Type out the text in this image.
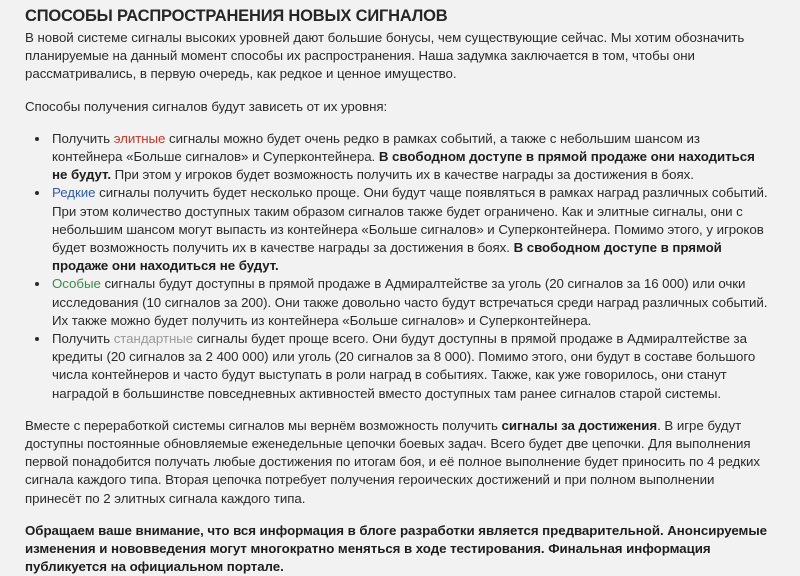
СПОСОБЫ РАСПРОСТРАНЕНИЯ НОВЫХ СИГНАЛОВ

В новой системе сигналы высоких уровней дают большие бонусы, чем существующие сейчас. Мы хотим обозначить планируемые на данный момент способы их распространения. Наша задумка заключается в том, чтобы они рассматривались, в первую очередь, как редкое и ценное имущество.

Способы получения сигналов будут зависеть от их уровня:

• Получить элитные сигналы можно будет очень редко в рамках событий, а также с небольшим шансом из контейнера «Больше сигналов» и Суперконтейнера. В свободном доступе в прямой продаже они находиться не будут. При этом у игроков будет возможность получить их в качестве награды за достижения в боях.
• Редкие сигналы получить будет несколько проще. Они будут чаще появляться в рамках наград различных событий. При этом количество доступных таким образом сигналов также будет ограничено. Как и элитные сигналы, они с небольшим шансом могут выпасть из контейнера «Больше сигналов» и Суперконтейнера. Помимо этого, у игроков будет возможность получить их в качестве награды за достижения в боях. В свободном доступе в прямой продаже они находиться не будут.
• Особые сигналы будут доступны в прямой продаже в Адмиралтействе за уголь (20 сигналов за 16 000) или очки исследования (10 сигналов за 200). Они также довольно часто будут встречаться среди наград различных событий. Их также можно будет получить из контейнера «Больше сигналов» и Суперконтейнера.
• Получить стандартные сигналы будет проще всего. Они будут доступны в прямой продаже в Адмиралтействе за кредиты (20 сигналов за 2 400 000) или уголь (20 сигналов за 8 000). Помимо этого, они будут в составе большого числа контейнеров и часто будут выступать в роли наград в событиях. Также, как уже говорилось, они станут наградой в большинстве повседневных активностей вместо доступных там ранее сигналов старой системы.

Вместе с переработкой системы сигналов мы вернём возможность получить сигналы за достижения. В игре будут доступны постоянные обновляемые еженедельные цепочки боевых задач. Всего будет две цепочки. Для выполнения первой понадобится получать любые достижения по итогам боя, и её полное выполнение будет приносить по 4 редких сигнала каждого типа. Вторая цепочка потребует получения героических достижений и при полном выполнении принесёт по 2 элитных сигнала каждого типа.

Обращаем ваше внимание, что вся информация в блоге разработки является предварительной. Анонсируемые изменения и нововведения могут многократно меняться в ходе тестирования. Финальная информация публикуется на официальном портале.
